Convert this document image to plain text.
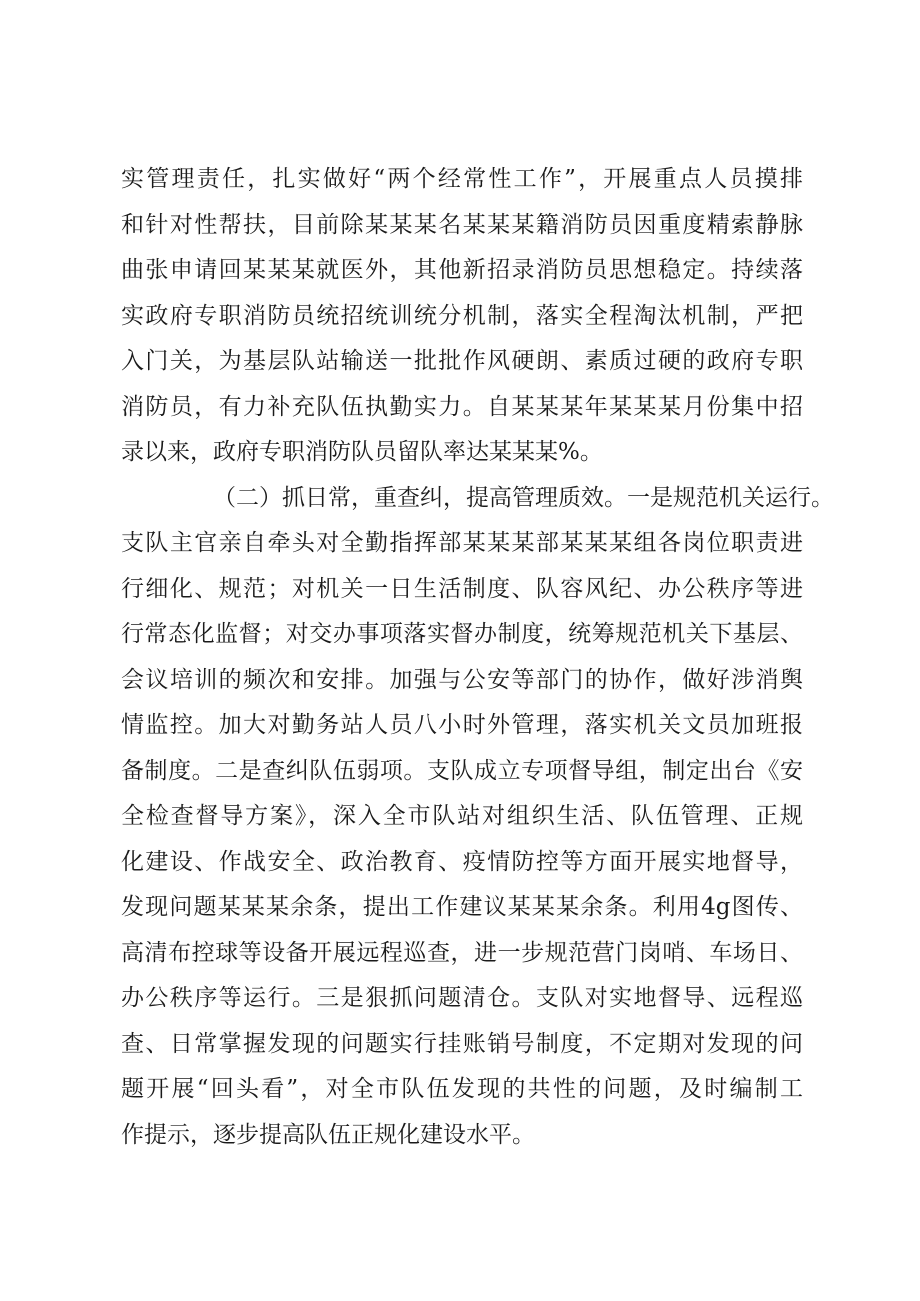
实管理责任，扎实做好“两个经常性工作”，开展重点人员摸排
和针对性帮扶，目前除某某某名某某某籍消防员因重度精索静脉
曲张申请回某某某就医外，其他新招录消防员思想稳定。持续落
实政府专职消防员统招统训统分机制，落实全程淘汰机制，严把
入门关，为基层队站输送一批批作风硬朗、素质过硬的政府专职
消防员，有力补充队伍执勤实力。自某某某年某某某月份集中招
录以来，政府专职消防队员留队率达某某某%。
（二）抓日常，重查纠，提高管理质效。一是规范机关运行。
支队主官亲自牵头对全勤指挥部某某某部某某某组各岗位职责进
行细化、规范；对机关一日生活制度、队容风纪、办公秩序等进
行常态化监督；对交办事项落实督办制度，统筹规范机关下基层、
会议培训的频次和安排。加强与公安等部门的协作，做好涉消舆
情监控。加大对勤务站人员八小时外管理，落实机关文员加班报
备制度。二是查纠队伍弱项。支队成立专项督导组，制定出台《安
全检查督导方案》，深入全市队站对组织生活、队伍管理、正规
化建设、作战安全、政治教育、疫情防控等方面开展实地督导，
发现问题某某某余条，提出工作建议某某某余条。利用4g图传、
高清布控球等设备开展远程巡查，进一步规范营门岗哨、车场日、
办公秩序等运行。三是狠抓问题清仓。支队对实地督导、远程巡
查、日常掌握发现的问题实行挂账销号制度，不定期对发现的问
题开展“回头看”，对全市队伍发现的共性的问题，及时编制工
作提示，逐步提高队伍正规化建设水平。
